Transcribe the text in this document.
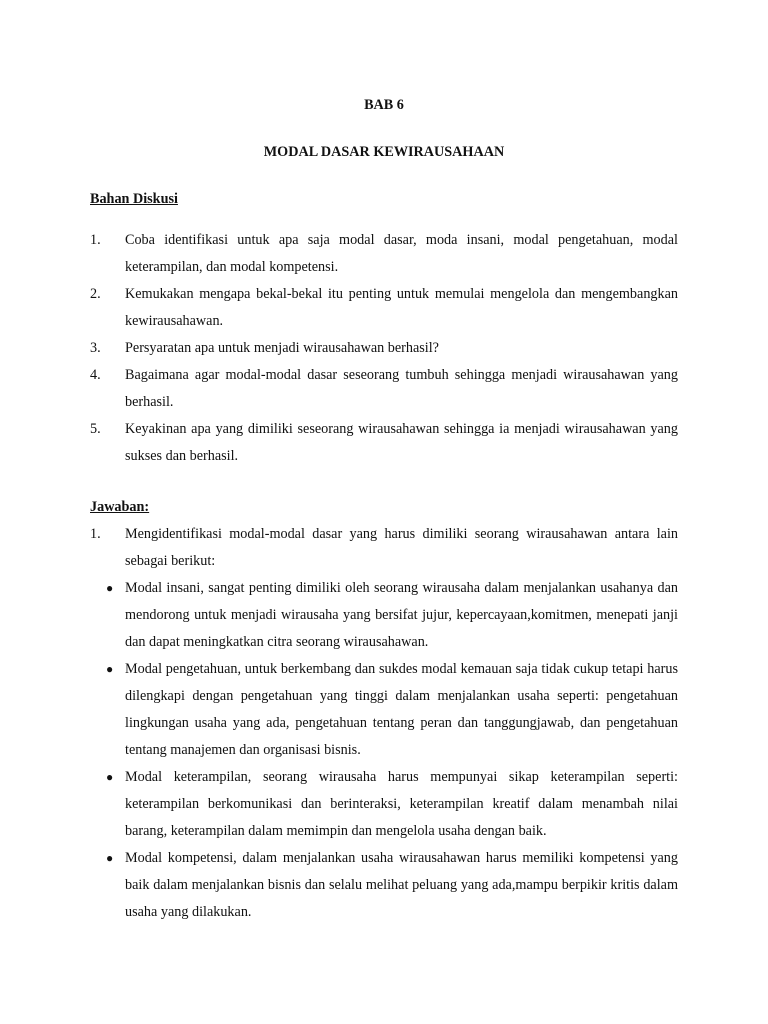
BAB 6

MODAL DASAR KEWIRAUSAHAAN

Bahan Diskusi

1.	Coba identifikasi untuk apa saja modal dasar, moda insani, modal pengetahuan, modal keterampilan, dan modal kompetensi.
2.	Kemukakan mengapa bekal-bekal itu penting untuk memulai mengelola dan mengembangkan kewirausahawan.
3.	Persyaratan apa untuk menjadi wirausahawan berhasil?
4.	Bagaimana agar modal-modal dasar seseorang tumbuh sehingga menjadi wirausahawan yang berhasil.
5.	Keyakinan apa yang dimiliki seseorang wirausahawan sehingga ia menjadi wirausahawan yang sukses dan berhasil.

Jawaban:

1.	Mengidentifikasi modal-modal dasar yang harus dimiliki seorang wirausahawan antara lain sebagai berikut:
● Modal insani, sangat penting dimiliki oleh seorang wirausaha dalam menjalankan usahanya dan mendorong untuk menjadi wirausaha yang bersifat jujur, kepercayaan,komitmen, menepati janji dan dapat meningkatkan citra seorang wirausahawan.
● Modal pengetahuan, untuk berkembang dan sukdes modal kemauan saja tidak cukup tetapi harus dilengkapi dengan pengetahuan yang tinggi dalam menjalankan usaha seperti: pengetahuan lingkungan usaha yang ada, pengetahuan tentang peran dan tanggungjawab, dan pengetahuan tentang manajemen dan organisasi bisnis.
● Modal keterampilan, seorang wirausaha harus mempunyai sikap keterampilan seperti: keterampilan berkomunikasi dan berinteraksi, keterampilan kreatif dalam menambah nilai barang, keterampilan dalam memimpin dan mengelola usaha dengan baik.
● Modal kompetensi, dalam menjalankan usaha wirausahawan harus memiliki kompetensi yang baik dalam menjalankan bisnis dan selalu melihat peluang yang ada,mampu berpikir kritis dalam usaha yang dilakukan.
